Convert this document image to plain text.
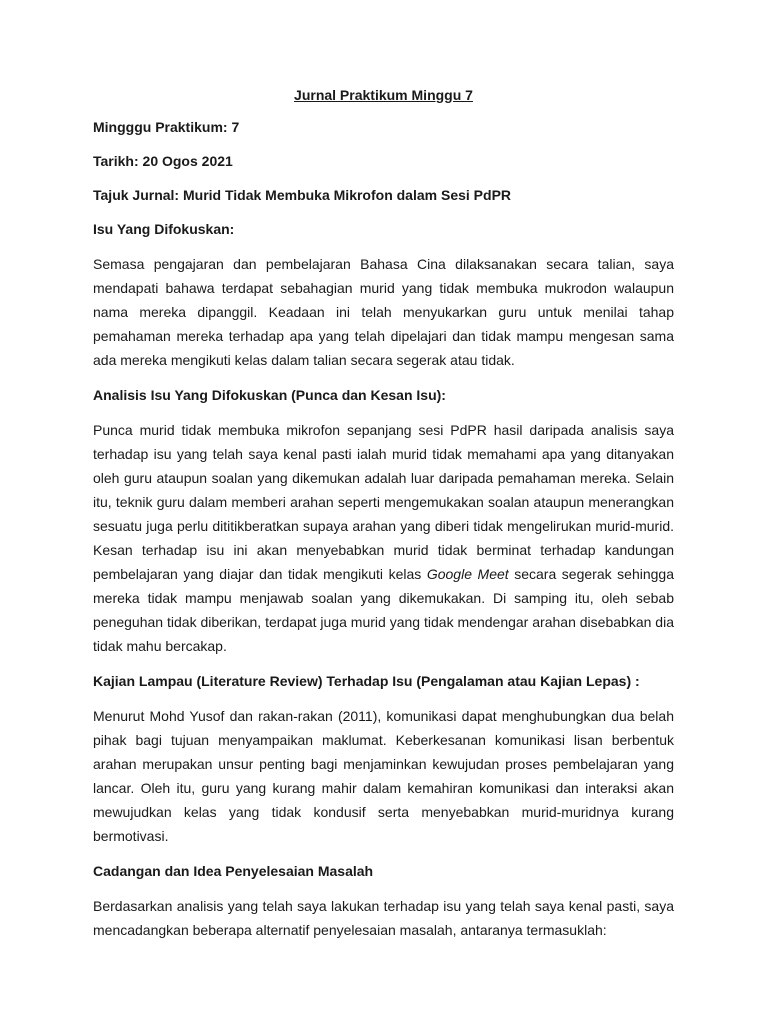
Jurnal Praktikum Minggu 7
Mingggu Praktikum: 7
Tarikh: 20 Ogos 2021
Tajuk Jurnal: Murid Tidak Membuka Mikrofon dalam Sesi PdPR
Isu Yang Difokuskan:

Semasa pengajaran dan pembelajaran Bahasa Cina dilaksanakan secara talian, saya mendapati bahawa terdapat sebahagian murid yang tidak membuka mukrodon walaupun nama mereka dipanggil. Keadaan ini telah menyukarkan guru untuk menilai tahap pemahaman mereka terhadap apa yang telah dipelajari dan tidak mampu mengesan sama ada mereka mengikuti kelas dalam talian secara segerak atau tidak.

Analisis Isu Yang Difokuskan (Punca dan Kesan Isu):

Punca murid tidak membuka mikrofon sepanjang sesi PdPR hasil daripada analisis saya terhadap isu yang telah saya kenal pasti ialah murid tidak memahami apa yang ditanyakan oleh guru ataupun soalan yang dikemukan adalah luar daripada pemahaman mereka. Selain itu, teknik guru dalam memberi arahan seperti mengemukakan soalan ataupun menerangkan sesuatu juga perlu dititikberatkan supaya arahan yang diberi tidak mengelirukan murid-murid. Kesan terhadap isu ini akan menyebabkan murid tidak berminat terhadap kandungan pembelajaran yang diajar dan tidak mengikuti kelas Google Meet secara segerak sehingga mereka tidak mampu menjawab soalan yang dikemukakan. Di samping itu, oleh sebab peneguhan tidak diberikan, terdapat juga murid yang tidak mendengar arahan disebabkan dia tidak mahu bercakap.

Kajian Lampau (Literature Review) Terhadap Isu (Pengalaman atau Kajian Lepas) :

Menurut Mohd Yusof dan rakan-rakan (2011), komunikasi dapat menghubungkan dua belah pihak bagi tujuan menyampaikan maklumat. Keberkesanan komunikasi lisan berbentuk arahan merupakan unsur penting bagi menjaminkan kewujudan proses pembelajaran yang lancar. Oleh itu, guru yang kurang mahir dalam kemahiran komunikasi dan interaksi akan mewujudkan kelas yang tidak kondusif serta menyebabkan murid-muridnya kurang bermotivasi.

Cadangan dan Idea Penyelesaian Masalah

Berdasarkan analisis yang telah saya lakukan terhadap isu yang telah saya kenal pasti, saya mencadangkan beberapa alternatif penyelesaian masalah, antaranya termasuklah:
